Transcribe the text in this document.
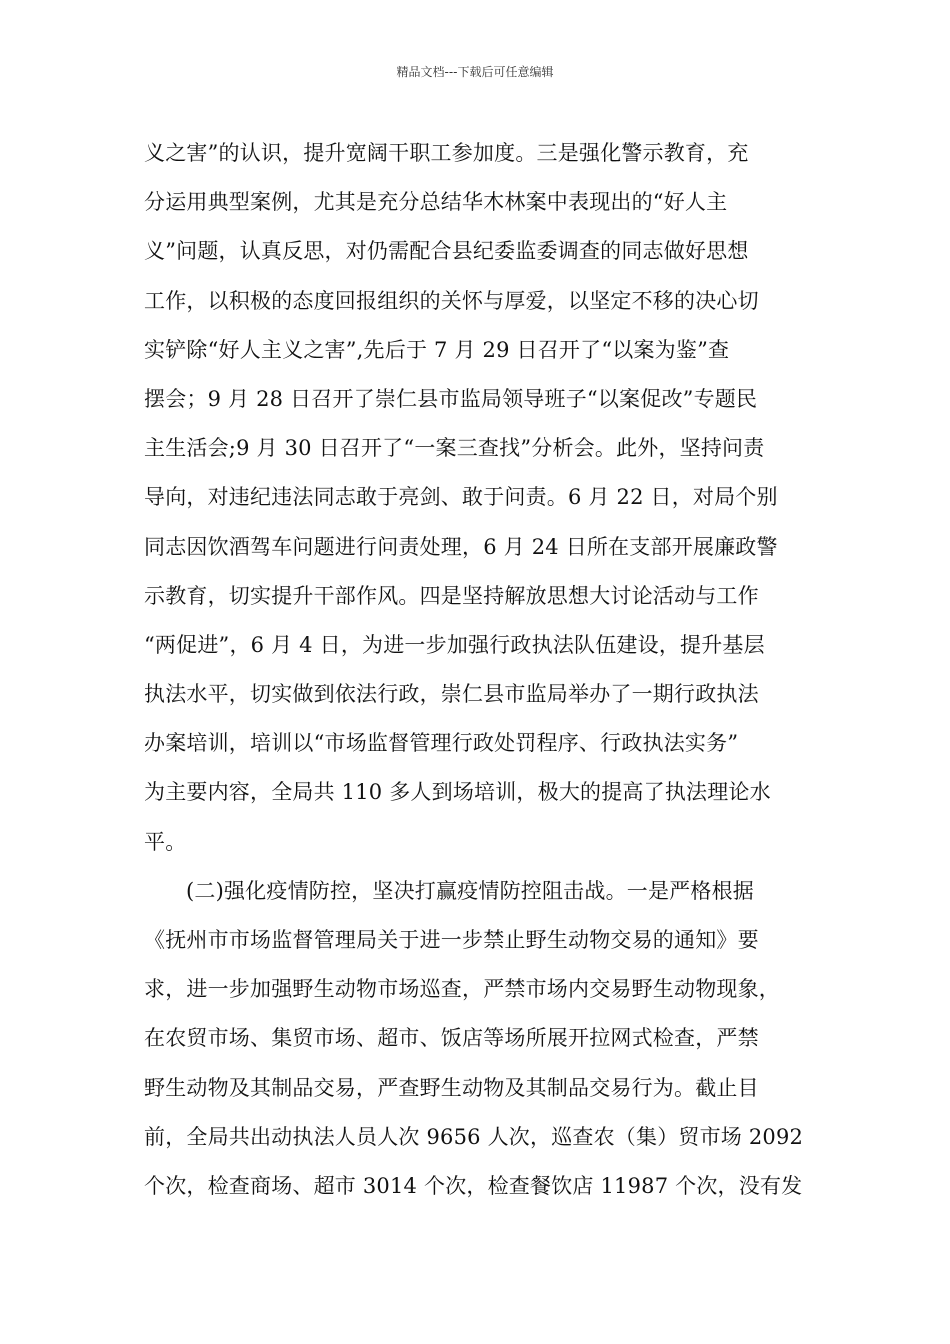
精品文档---下载后可任意编辑
义之害”的认识，提升宽阔干职工参加度。三是强化警示教育，充
分运用典型案例，尤其是充分总结华木林案中表现出的“好人主
义”问题，认真反思，对仍需配合县纪委监委调查的同志做好思想
工作，以积极的态度回报组织的关怀与厚爱，以坚定不移的决心切
实铲除“好人主义之害”,先后于 7 月 29 日召开了“以案为鉴”查
摆会；9 月 28 日召开了崇仁县市监局领导班子“以案促改”专题民
主生活会;9 月 30 日召开了“一案三查找”分析会。此外，坚持问责
导向，对违纪违法同志敢于亮剑、敢于问责。6 月 22 日，对局个别
同志因饮酒驾车问题进行问责处理，6 月 24 日所在支部开展廉政警
示教育，切实提升干部作风。四是坚持解放思想大讨论活动与工作
“两促进”，6 月 4 日，为进一步加强行政执法队伍建设，提升基层
执法水平，切实做到依法行政，崇仁县市监局举办了一期行政执法
办案培训，培训以“市场监督管理行政处罚程序、行政执法实务”
为主要内容，全局共 110 多人到场培训，极大的提高了执法理论水
平。
(二)强化疫情防控，坚决打赢疫情防控阻击战。一是严格根据
《抚州市市场监督管理局关于进一步禁止野生动物交易的通知》要
求，进一步加强野生动物市场巡查，严禁市场内交易野生动物现象，
在农贸市场、集贸市场、超市、饭店等场所展开拉网式检查，严禁
野生动物及其制品交易，严查野生动物及其制品交易行为。截止目
前，全局共出动执法人员人次 9656 人次，巡查农（集）贸市场 2092
个次，检查商场、超市 3014 个次，检查餐饮店 11987 个次，没有发
